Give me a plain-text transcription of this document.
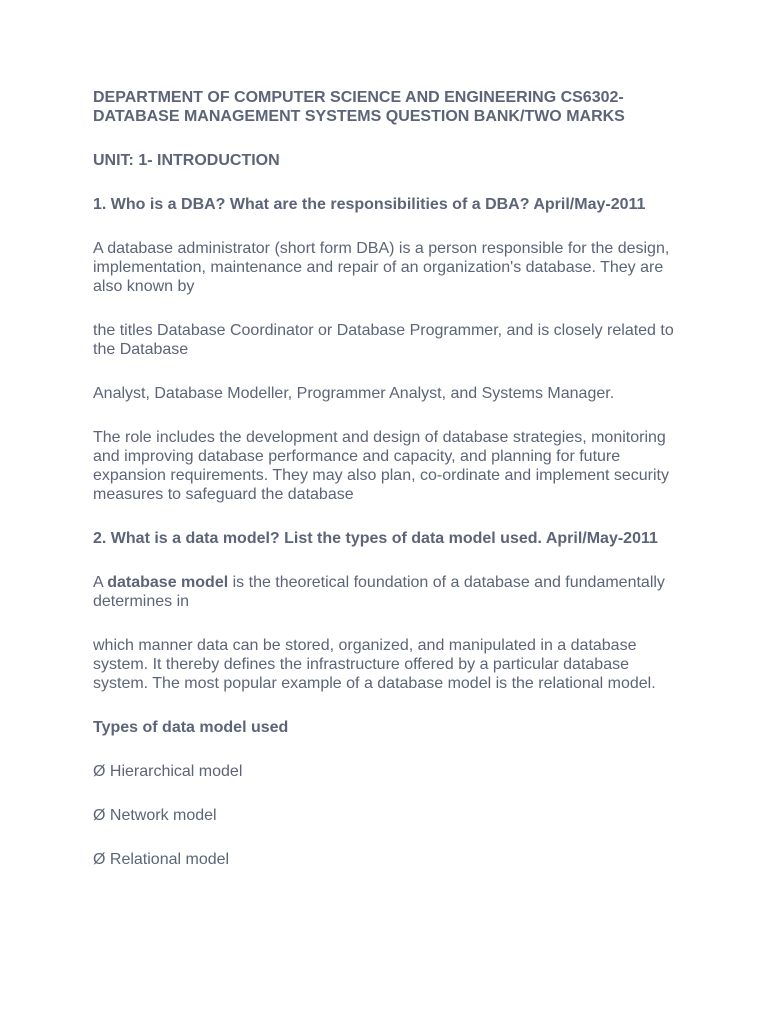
DEPARTMENT OF COMPUTER SCIENCE AND ENGINEERING CS6302- DATABASE MANAGEMENT SYSTEMS QUESTION BANK/TWO MARKS
UNIT: 1- INTRODUCTION
1. Who is a DBA? What are the responsibilities of a DBA? April/May-2011
A database administrator (short form DBA) is a person responsible for the design, implementation, maintenance and repair of an organization's database. They are also known by
the titles Database Coordinator or Database Programmer, and is closely related to the Database
Analyst, Database Modeller, Programmer Analyst, and Systems Manager.
The role includes the development and design of database strategies, monitoring and improving database performance and capacity, and planning for future expansion requirements. They may also plan, co-ordinate and implement security measures to safeguard the database
2. What is a data model? List the types of data model used. April/May-2011
A database model is the theoretical foundation of a database and fundamentally determines in
which manner data can be stored, organized, and manipulated in a database system. It thereby defines the infrastructure offered by a particular database system. The most popular example of a database model is the relational model.
Types of data model used
Ø Hierarchical model
Ø Network model
Ø Relational model
